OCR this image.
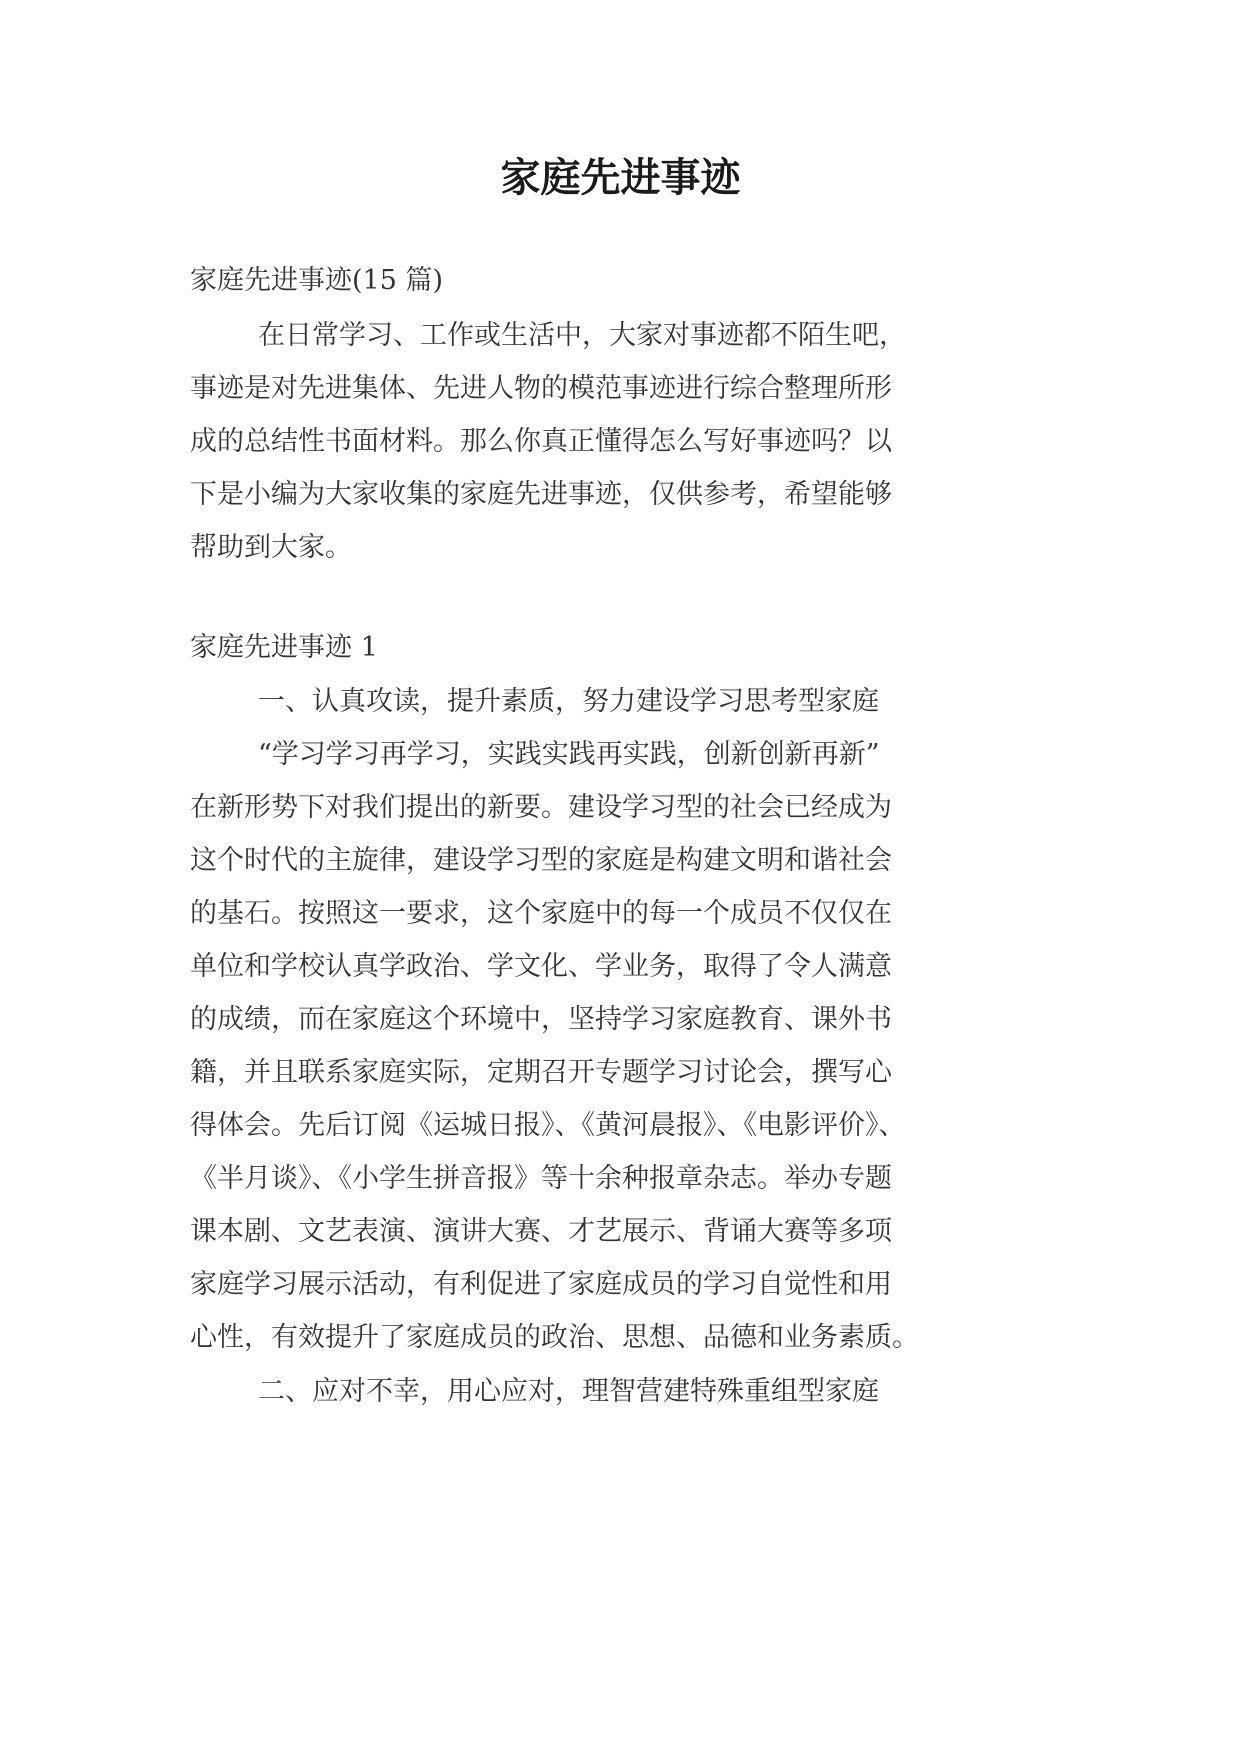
家庭先进事迹

家庭先进事迹(15 篇)

在日常学习、工作或生活中，大家对事迹都不陌生吧，

事迹是对先进集体、先进人物的模范事迹进行综合整理所形

成的总结性书面材料。那么你真正懂得怎么写好事迹吗？以

下是小编为大家收集的家庭先进事迹，仅供参考，希望能够

帮助到大家。

家庭先进事迹 1

一、认真攻读，提升素质，努力建设学习思考型家庭

“学习学习再学习，实践实践再实践，创新创新再新”

在新形势下对我们提出的新要。建设学习型的社会已经成为

这个时代的主旋律，建设学习型的家庭是构建文明和谐社会

的基石。按照这一要求，这个家庭中的每一个成员不仅仅在

单位和学校认真学政治、学文化、学业务，取得了令人满意

的成绩，而在家庭这个环境中，坚持学习家庭教育、课外书

籍，并且联系家庭实际，定期召开专题学习讨论会，撰写心

得体会。先后订阅《运城日报》、《黄河晨报》、《电影评价》、

《半月谈》、《小学生拼音报》等十余种报章杂志。举办专题

课本剧、文艺表演、演讲大赛、才艺展示、背诵大赛等多项

家庭学习展示活动，有利促进了家庭成员的学习自觉性和用

心性，有效提升了家庭成员的政治、思想、品德和业务素质。

二、应对不幸，用心应对，理智营建特殊重组型家庭
